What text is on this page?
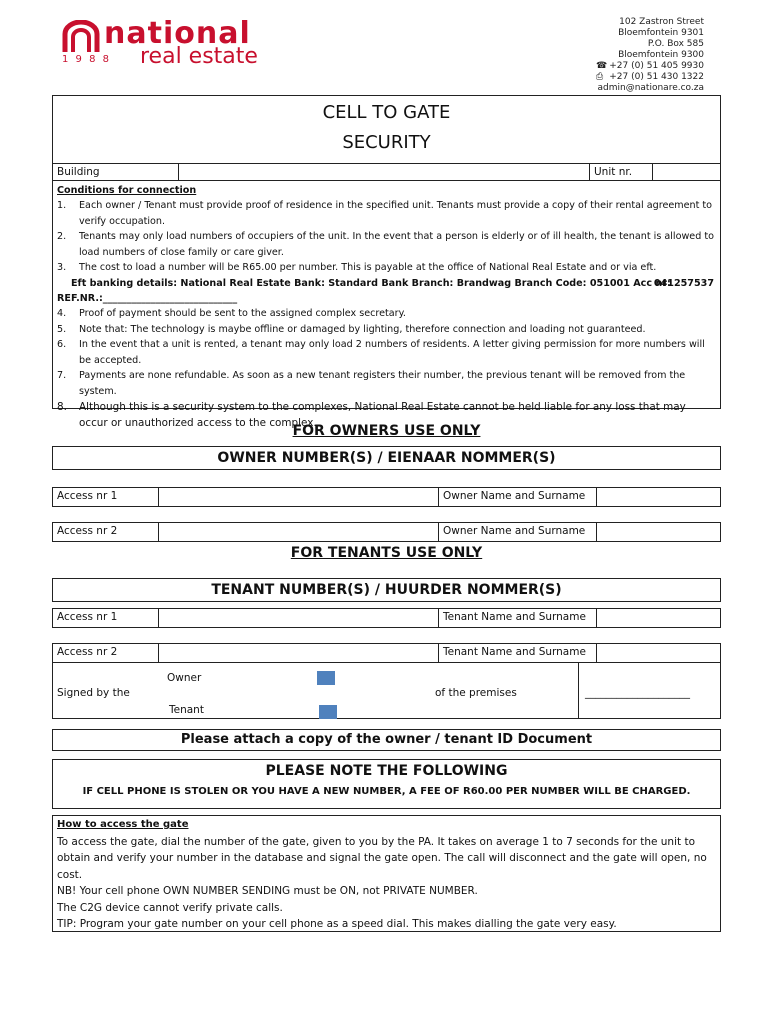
national
1 9 8 8 real estate
102 Zastron Street
Bloemfontein 9301
P.O. Box 585
Bloemfontein 9300
☎ +27 (0) 51 405 9930
⎙ +27 (0) 51 430 1322
admin@nationare.co.za
CELL TO GATE
SECURITY
Building	Unit nr.
Conditions for connection
1. Each owner / Tenant must provide proof of residence in the specified unit. Tenants must provide a copy of their rental agreement to verify occupation.
2. Tenants may only load numbers of occupiers of the unit. In the event that a person is elderly or of ill health, the tenant is allowed to load numbers of close family or care giver.
3. The cost to load a number will be R65.00 per number. This is payable at the office of National Real Estate and or via eft.
Eft banking details: National Real Estate Bank: Standard Bank Branch: Brandwag Branch Code: 051001 Acc nr:
041257537
REF.NR.:____________________________
4. Proof of payment should be sent to the assigned complex secretary.
5. Note that: The technology is maybe offline or damaged by lighting, therefore connection and loading not guaranteed.
6. In the event that a unit is rented, a tenant may only load 2 numbers of residents. A letter giving permission for more numbers will be accepted.
7. Payments are none refundable. As soon as a new tenant registers their number, the previous tenant will be removed from the system.
8. Although this is a security system to the complexes, National Real Estate cannot be held liable for any loss that may occur or unauthorized access to the complex.
FOR OWNERS USE ONLY
OWNER NUMBER(S) / EIENAAR NOMMER(S)
Access nr 1	Owner Name and Surname
Access nr 2	Owner Name and Surname
FOR TENANTS USE ONLY
TENANT NUMBER(S) / HUURDER NOMMER(S)
Access nr 1	Tenant Name and Surname
Access nr 2	Tenant Name and Surname
Signed by the
Owner
Tenant
of the premises	____________________
Please attach a copy of the owner / tenant ID Document
PLEASE NOTE THE FOLLOWING
IF CELL PHONE IS STOLEN OR YOU HAVE A NEW NUMBER, A FEE OF R60.00 PER NUMBER WILL BE CHARGED.
How to access the gate
To access the gate, dial the number of the gate, given to you by the PA. It takes on average 1 to 7 seconds for the unit to obtain and verify your number in the database and signal the gate open. The call will disconnect and the gate will open, no cost.
NB! Your cell phone OWN NUMBER SENDING must be ON, not PRIVATE NUMBER.
The C2G device cannot verify private calls.
TIP: Program your gate number on your cell phone as a speed dial. This makes dialling the gate very easy.
